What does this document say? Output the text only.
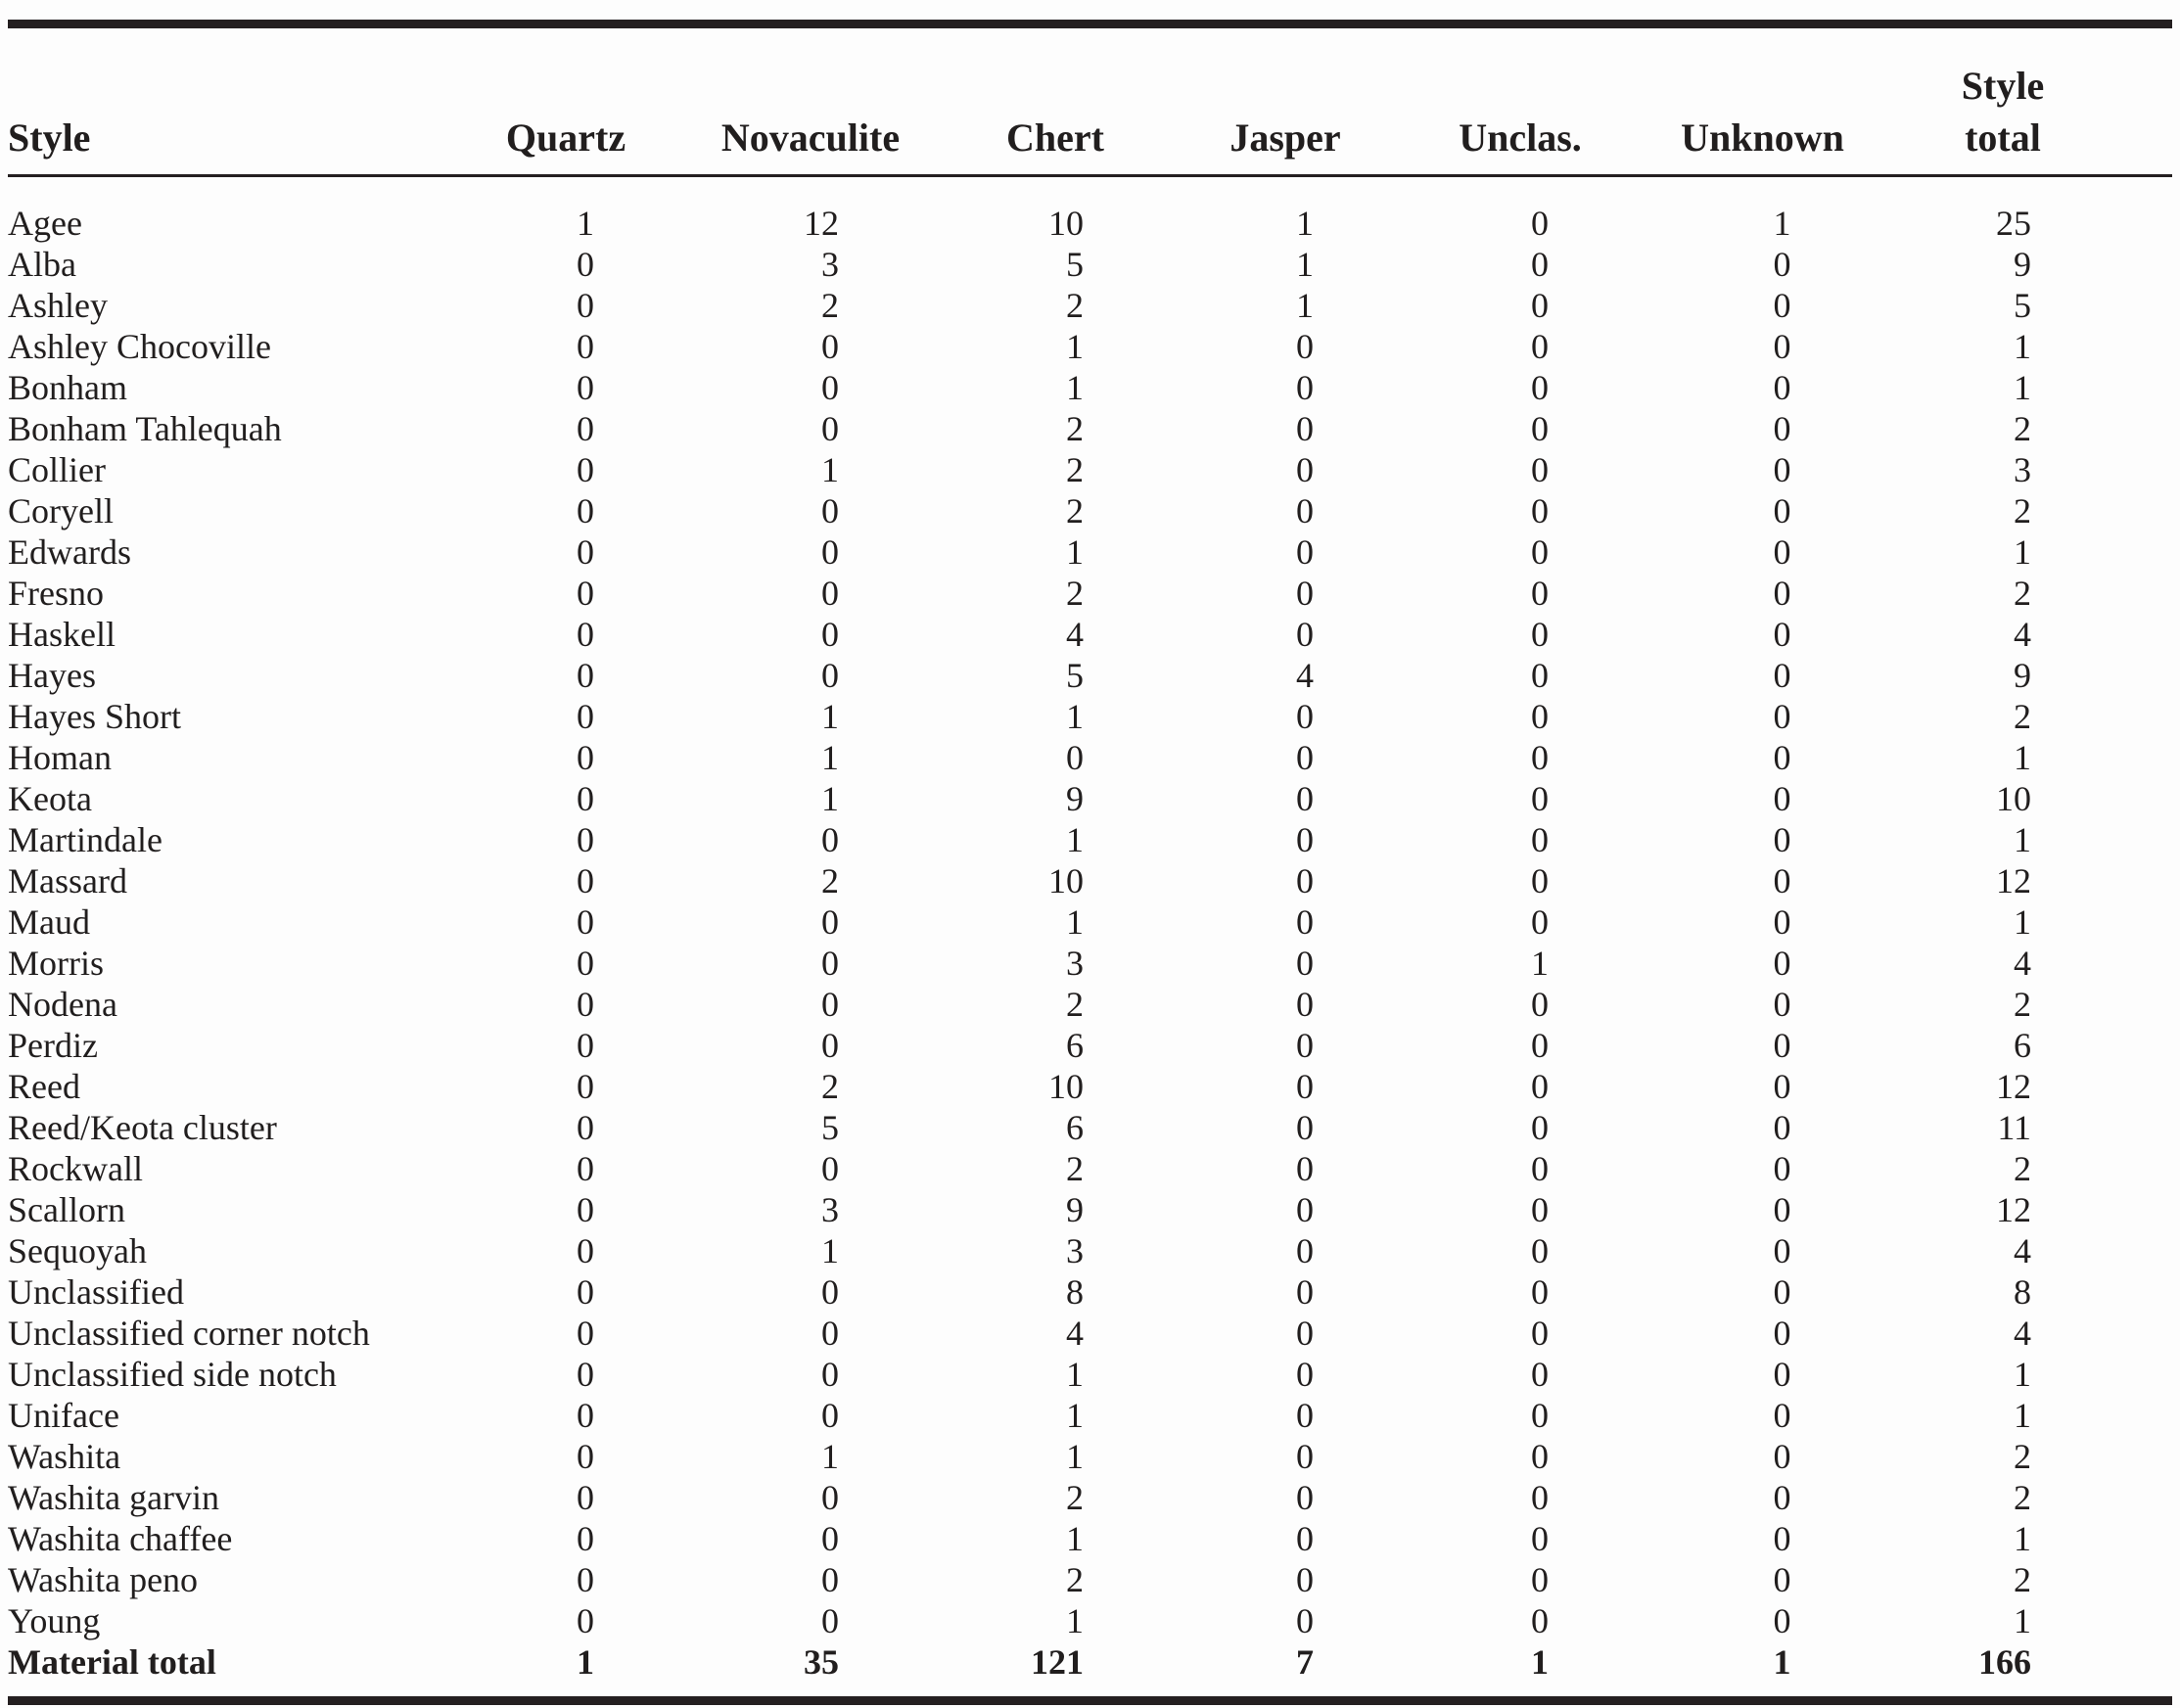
Style	Quartz	Novaculite	Chert	Jasper	Unclas.	Unknown	Style
total	

Agee	1	12	10	1	0	1	25	
Alba	0	3	5	1	0	0	9	
Ashley	0	2	2	1	0	0	5	
Ashley Chocoville	0	0	1	0	0	0	1	
Bonham	0	0	1	0	0	0	1	
Bonham Tahlequah	0	0	2	0	0	0	2	
Collier	0	1	2	0	0	0	3	
Coryell	0	0	2	0	0	0	2	
Edwards	0	0	1	0	0	0	1	
Fresno	0	0	2	0	0	0	2	
Haskell	0	0	4	0	0	0	4	
Hayes	0	0	5	4	0	0	9	
Hayes Short	0	1	1	0	0	0	2	
Homan	0	1	0	0	0	0	1	
Keota	0	1	9	0	0	0	10	
Martindale	0	0	1	0	0	0	1	
Massard	0	2	10	0	0	0	12	
Maud	0	0	1	0	0	0	1	
Morris	0	0	3	0	1	0	4	
Nodena	0	0	2	0	0	0	2	
Perdiz	0	0	6	0	0	0	6	
Reed	0	2	10	0	0	0	12	
Reed/Keota cluster	0	5	6	0	0	0	11	
Rockwall	0	0	2	0	0	0	2	
Scallorn	0	3	9	0	0	0	12	
Sequoyah	0	1	3	0	0	0	4	
Unclassified	0	0	8	0	0	0	8	
Unclassified corner notch	0	0	4	0	0	0	4	
Unclassified side notch	0	0	1	0	0	0	1	
Uniface	0	0	1	0	0	0	1	
Washita	0	1	1	0	0	0	2	
Washita garvin	0	0	2	0	0	0	2	
Washita chaffee	0	0	1	0	0	0	1	
Washita peno	0	0	2	0	0	0	2	
Young	0	0	1	0	0	0	1	
Material total	1	35	121	7	1	1	166	
